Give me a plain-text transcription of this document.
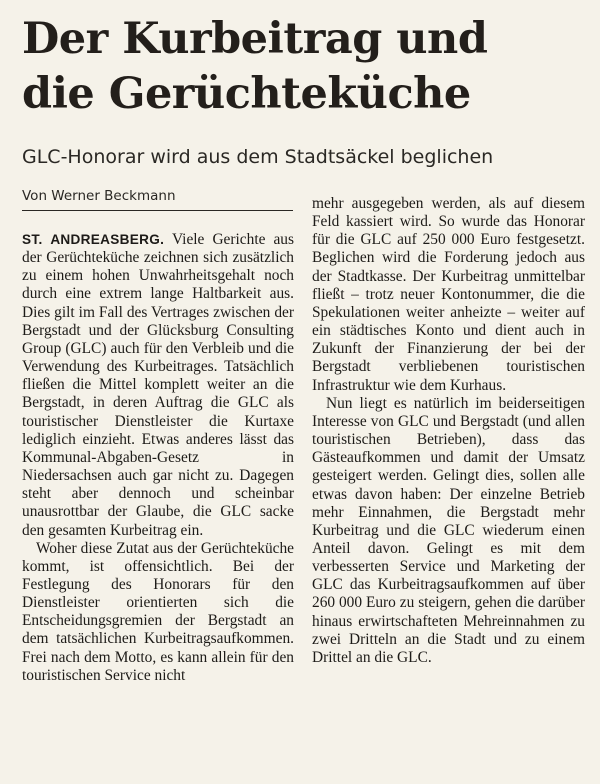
Der Kurbeitrag und
die Gerüchteküche
GLC-Honorar wird aus dem Stadtsäckel beglichen
Von Werner Beckmann

ST. ANDREASBERG. Viele Gerichte aus der Gerüchteküche zeichnen sich zusätzlich zu einem hohen Unwahrheitsgehalt noch durch eine extrem lange Haltbarkeit aus. Dies gilt im Fall des Vertrages zwischen der Bergstadt und der Glücksburg Consulting Group (GLC) auch für den Verbleib und die Verwendung des Kurbeitrages. Tatsächlich fließen die Mittel komplett weiter an die Bergstadt, in deren Auftrag die GLC als touristischer Dienstleister die Kurtaxe lediglich einzieht. Etwas anderes lässt das Kommunal-Abgaben-Gesetz in Niedersachsen auch gar nicht zu. Dagegen steht aber dennoch und scheinbar unausrottbar der Glaube, die GLC sacke den gesamten Kurbeitrag ein.

Woher diese Zutat aus der Gerüchteküche kommt, ist offensichtlich. Bei der Festlegung des Honorars für den Dienstleister orientierten sich die Entscheidungsgremien der Bergstadt an dem tatsächlichen Kurbeitragsaufkommen. Frei nach dem Motto, es kann allein für den touristischen Service nicht

mehr ausgegeben werden, als auf diesem Feld kassiert wird. So wurde das Honorar für die GLC auf 250 000 Euro festgesetzt. Beglichen wird die Forderung jedoch aus der Stadtkasse. Der Kurbeitrag unmittelbar fließt – trotz neuer Kontonummer, die die Spekulationen weiter anheizte – weiter auf ein städtisches Konto und dient auch in Zukunft der Finanzierung der bei der Bergstadt verbliebenen touristischen Infrastruktur wie dem Kurhaus.

Nun liegt es natürlich im beiderseitigen Interesse von GLC und Bergstadt (und allen touristischen Betrieben), dass das Gästeaufkommen und damit der Umsatz gesteigert werden. Gelingt dies, sollen alle etwas davon haben: Der einzelne Betrieb mehr Einnahmen, die Bergstadt mehr Kurbeitrag und die GLC wiederum einen Anteil davon. Gelingt es mit dem verbesserten Service und Marketing der GLC das Kurbeitragsaufkommen auf über 260 000 Euro zu steigern, gehen die darüber hinaus erwirtschafteten Mehreinnahmen zu zwei Dritteln an die Stadt und zu einem Drittel an die GLC.
